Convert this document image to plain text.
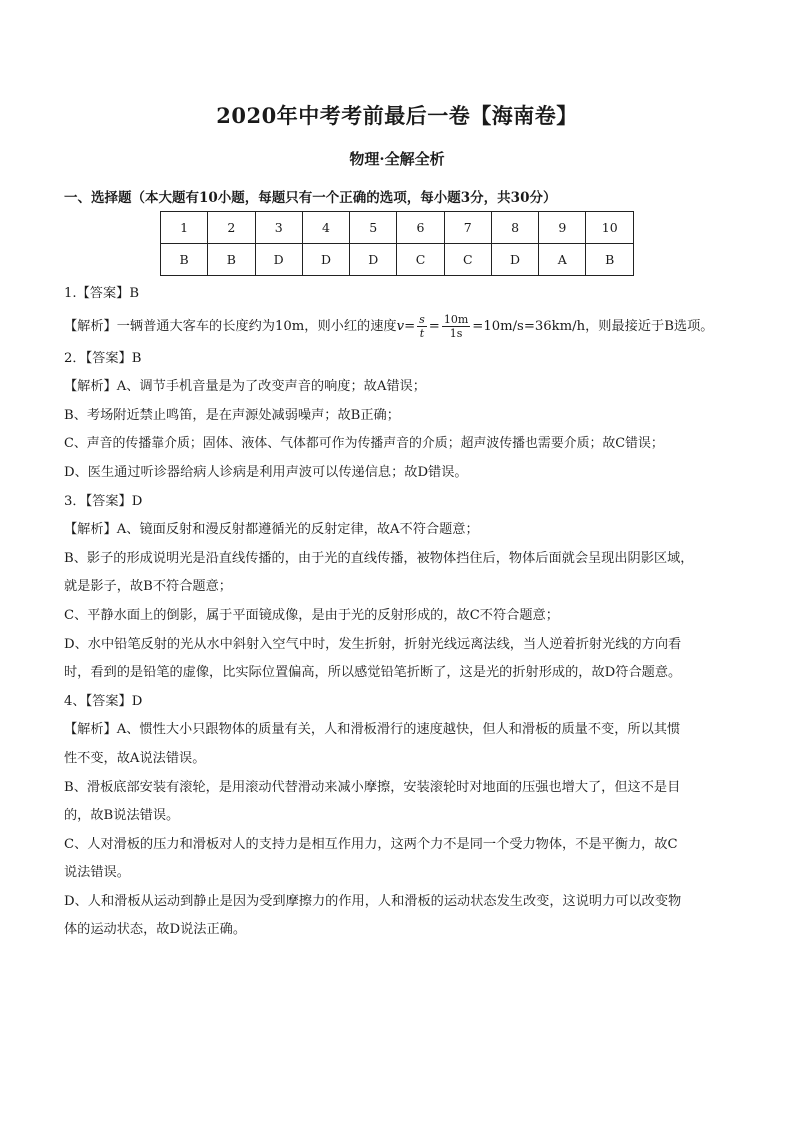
2020年中考考前最后一卷【海南卷】
物理·全解全析
一、选择题（本大题有10小题，每题只有一个正确的选项，每小题3分，共30分）
1	2	3	4	5	6	7	8	9	10
B	B	D	D	D	C	C	D	A	B
1.【答案】B
【解析】一辆普通大客车的长度约为10m，则小红的速度$v= \frac{s}{t} = \frac{10m}{1s} =10m/s=36km/h$，则最接近于B选项。
2．【答案】B
【解析】A、调节手机音量是为了改变声音的响度；故A错误；
B、考场附近禁止鸣笛，是在声源处减弱噪声；故B正确；
C、声音的传播靠介质；固体、液体、气体都可作为传播声音的介质；超声波传播也需要介质；故C错误；
D、医生通过听诊器给病人诊病是利用声波可以传递信息；故D错误。
3．【答案】D
【解析】A、镜面反射和漫反射都遵循光的反射定律，故A不符合题意；
B、影子的形成说明光是沿直线传播的，由于光的直线传播，被物体挡住后，物体后面就会呈现出阴影区域，
就是影子，故B不符合题意；
C、平静水面上的倒影，属于平面镜成像，是由于光的反射形成的，故C不符合题意；
D、水中铅笔反射的光从水中斜射入空气中时，发生折射，折射光线远离法线，当人逆着折射光线的方向看
时，看到的是铅笔的虚像，比实际位置偏高，所以感觉铅笔折断了，这是光的折射形成的，故D符合题意。
4、【答案】D
【解析】A、惯性大小只跟物体的质量有关，人和滑板滑行的速度越快，但人和滑板的质量不变，所以其惯
性不变，故A说法错误。
B、滑板底部安装有滚轮，是用滚动代替滑动来减小摩擦，安装滚轮时对地面的压强也增大了，但这不是目
的，故B说法错误。
C、人对滑板的压力和滑板对人的支持力是相互作用力，这两个力不是同一个受力物体，不是平衡力，故C
说法错误。
D、人和滑板从运动到静止是因为受到摩擦力的作用，人和滑板的运动状态发生改变，这说明力可以改变物
体的运动状态，故D说法正确。
